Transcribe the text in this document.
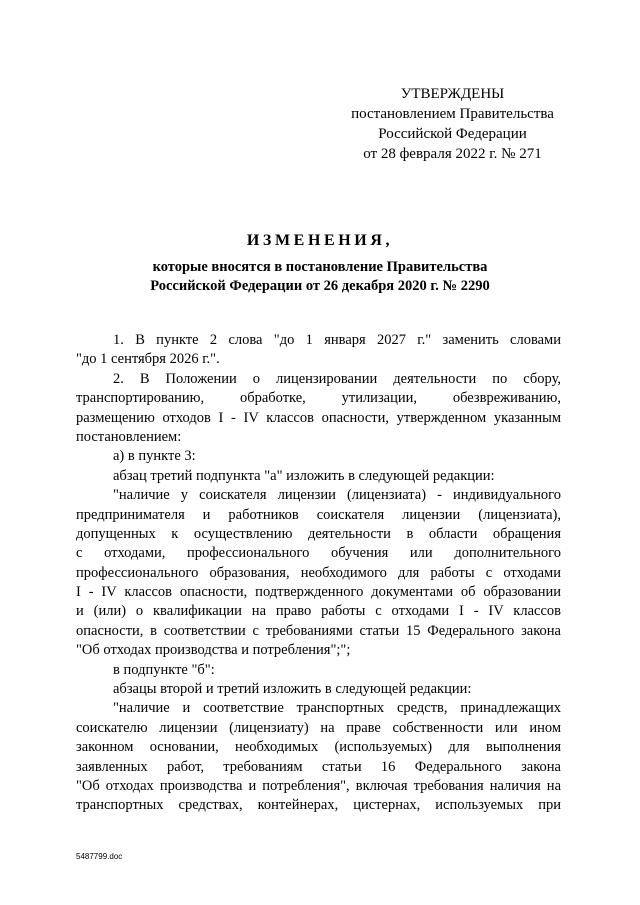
УТВЕРЖДЕНЫ
постановлением Правительства
Российской Федерации
от 28 февраля 2022 г. № 271
ИЗМЕНЕНИЯ,
которые вносятся в постановление Правительства
Российской Федерации от 26 декабря 2020 г. № 2290
1. В пункте 2 слова "до 1 января 2027 г." заменить словами
"до 1 сентября 2026 г.".
2. В Положении о лицензировании деятельности по сбору,
транспортированию, обработке, утилизации, обезвреживанию,
размещению отходов I - IV классов опасности, утвержденном указанным
постановлением:
а) в пункте 3:
абзац третий подпункта "а" изложить в следующей редакции:
"наличие у соискателя лицензии (лицензиата) - индивидуального
предпринимателя и работников соискателя лицензии (лицензиата),
допущенных к осуществлению деятельности в области обращения
с отходами, профессионального обучения или дополнительного
профессионального образования, необходимого для работы с отходами
I - IV классов опасности, подтвержденного документами об образовании
и (или) о квалификации на право работы с отходами I - IV классов
опасности, в соответствии с требованиями статьи 15 Федерального закона
"Об отходах производства и потребления";";
в подпункте "б":
абзацы второй и третий изложить в следующей редакции:
"наличие и соответствие транспортных средств, принадлежащих
соискателю лицензии (лицензиату) на праве собственности или ином
законном основании, необходимых (используемых) для выполнения
заявленных работ, требованиям статьи 16 Федерального закона
"Об отходах производства и потребления", включая требования наличия на
транспортных средствах, контейнерах, цистернах, используемых при
5487799.doc
